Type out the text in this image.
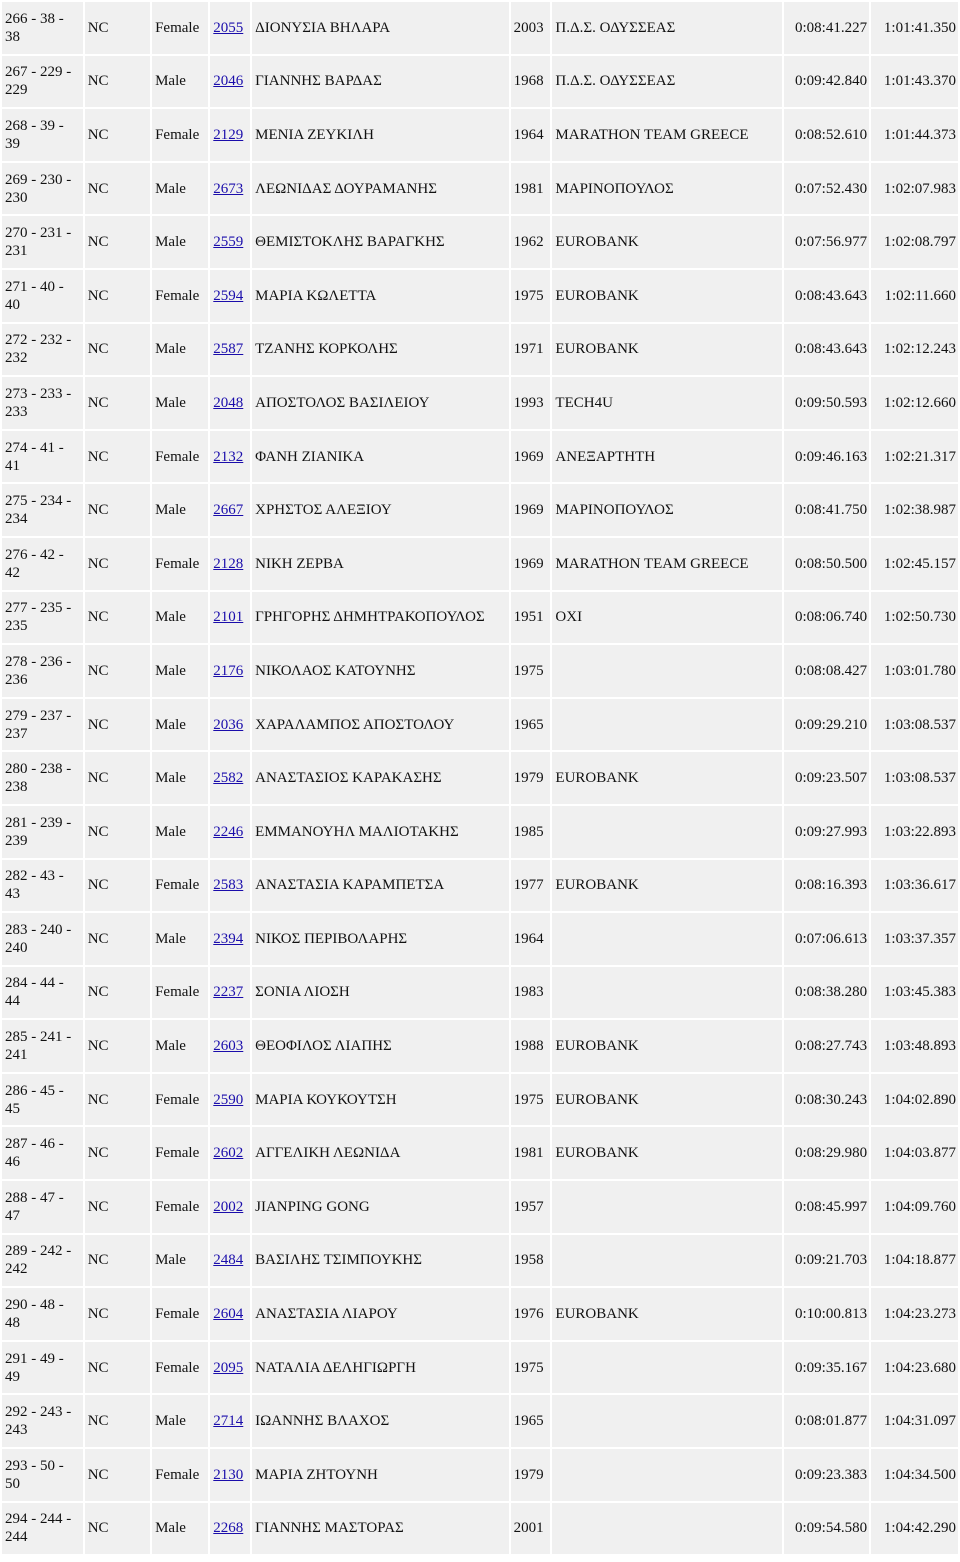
266 - 38 - 38	NC	Female	2055	ΔΙΟΝΥΣΙΑ ΒΗΛΑΡΑ	2003	Π.Δ.Σ. ΟΔΥΣΣΕΑΣ	0:08:41.227	1:01:41.350
267 - 229 - 229	NC	Male	2046	ΓΙΑΝΝΗΣ ΒΑΡΔΑΣ	1968	Π.Δ.Σ. ΟΔΥΣΣΕΑΣ	0:09:42.840	1:01:43.370
268 - 39 - 39	NC	Female	2129	ΜΕΝΙΑ ΖΕΥΚΙΛΗ	1964	MARATHON TEAM GREECE	0:08:52.610	1:01:44.373
269 - 230 - 230	NC	Male	2673	ΛΕΩΝΙΔΑΣ ΔΟΥΡΑΜΑΝΗΣ	1981	ΜΑΡΙΝΟΠΟΥΛΟΣ	0:07:52.430	1:02:07.983
270 - 231 - 231	NC	Male	2559	ΘΕΜΙΣΤΟΚΛΗΣ ΒΑΡΑΓΚΗΣ	1962	EUROBANK	0:07:56.977	1:02:08.797
271 - 40 - 40	NC	Female	2594	ΜΑΡΙΑ ΚΩΛΕΤΤΑ	1975	EUROBANK	0:08:43.643	1:02:11.660
272 - 232 - 232	NC	Male	2587	ΤΖΑΝΗΣ ΚΟΡΚΟΛΗΣ	1971	EUROBANK	0:08:43.643	1:02:12.243
273 - 233 - 233	NC	Male	2048	ΑΠΟΣΤΟΛΟΣ ΒΑΣΙΛΕΙΟΥ	1993	TECH4U	0:09:50.593	1:02:12.660
274 - 41 - 41	NC	Female	2132	ΦΑΝΗ ΖΙΑΝΙΚΑ	1969	ΑΝΕΞΑΡΤΗΤΗ	0:09:46.163	1:02:21.317
275 - 234 - 234	NC	Male	2667	ΧΡΗΣΤΟΣ ΑΛΕΞΙΟΥ	1969	ΜΑΡΙΝΟΠΟΥΛΟΣ	0:08:41.750	1:02:38.987
276 - 42 - 42	NC	Female	2128	ΝΙΚΗ ΖΕΡΒΑ	1969	MARATHON TEAM GREECE	0:08:50.500	1:02:45.157
277 - 235 - 235	NC	Male	2101	ΓΡΗΓΟΡΗΣ ΔΗΜΗΤΡΑΚΟΠΟΥΛΟΣ	1951	ΟΧΙ	0:08:06.740	1:02:50.730
278 - 236 - 236	NC	Male	2176	ΝΙΚΟΛΑΟΣ ΚΑΤΟΥΝΗΣ	1975		0:08:08.427	1:03:01.780
279 - 237 - 237	NC	Male	2036	ΧΑΡΑΛΑΜΠΟΣ ΑΠΟΣΤΟΛΟΥ	1965		0:09:29.210	1:03:08.537
280 - 238 - 238	NC	Male	2582	ΑΝΑΣΤΑΣΙΟΣ ΚΑΡΑΚΑΣΗΣ	1979	EUROBANK	0:09:23.507	1:03:08.537
281 - 239 - 239	NC	Male	2246	ΕΜΜΑΝΟΥΗΛ ΜΑΛΙΟΤΑΚΗΣ	1985		0:09:27.993	1:03:22.893
282 - 43 - 43	NC	Female	2583	ΑΝΑΣΤΑΣΙΑ ΚΑΡΑΜΠΕΤΣΑ	1977	EUROBANK	0:08:16.393	1:03:36.617
283 - 240 - 240	NC	Male	2394	ΝΙΚΟΣ ΠΕΡΙΒΟΛΑΡΗΣ	1964		0:07:06.613	1:03:37.357
284 - 44 - 44	NC	Female	2237	ΣΟΝΙΑ ΛΙΟΣΗ	1983		0:08:38.280	1:03:45.383
285 - 241 - 241	NC	Male	2603	ΘΕΟΦΙΛΟΣ ΛΙΑΠΗΣ	1988	EUROBANK	0:08:27.743	1:03:48.893
286 - 45 - 45	NC	Female	2590	ΜΑΡΙΑ ΚΟΥΚΟΥΤΣΗ	1975	EUROBANK	0:08:30.243	1:04:02.890
287 - 46 - 46	NC	Female	2602	ΑΓΓΕΛΙΚΗ ΛΕΩΝΙΔΑ	1981	EUROBANK	0:08:29.980	1:04:03.877
288 - 47 - 47	NC	Female	2002	JIANPING GONG	1957		0:08:45.997	1:04:09.760
289 - 242 - 242	NC	Male	2484	ΒΑΣΙΛΗΣ ΤΣΙΜΠΟΥΚΗΣ	1958		0:09:21.703	1:04:18.877
290 - 48 - 48	NC	Female	2604	ΑΝΑΣΤΑΣΙΑ ΛΙΑΡΟΥ	1976	EUROBANK	0:10:00.813	1:04:23.273
291 - 49 - 49	NC	Female	2095	ΝΑΤΑΛΙΑ ΔΕΛΗΓΙΩΡΓΗ	1975		0:09:35.167	1:04:23.680
292 - 243 - 243	NC	Male	2714	ΙΩΑΝΝΗΣ ΒΛΑΧΟΣ	1965		0:08:01.877	1:04:31.097
293 - 50 - 50	NC	Female	2130	ΜΑΡΙΑ ΖΗΤΟΥΝΗ	1979		0:09:23.383	1:04:34.500
294 - 244 - 244	NC	Male	2268	ΓΙΑΝΝΗΣ ΜΑΣΤΟΡΑΣ	2001		0:09:54.580	1:04:42.290
